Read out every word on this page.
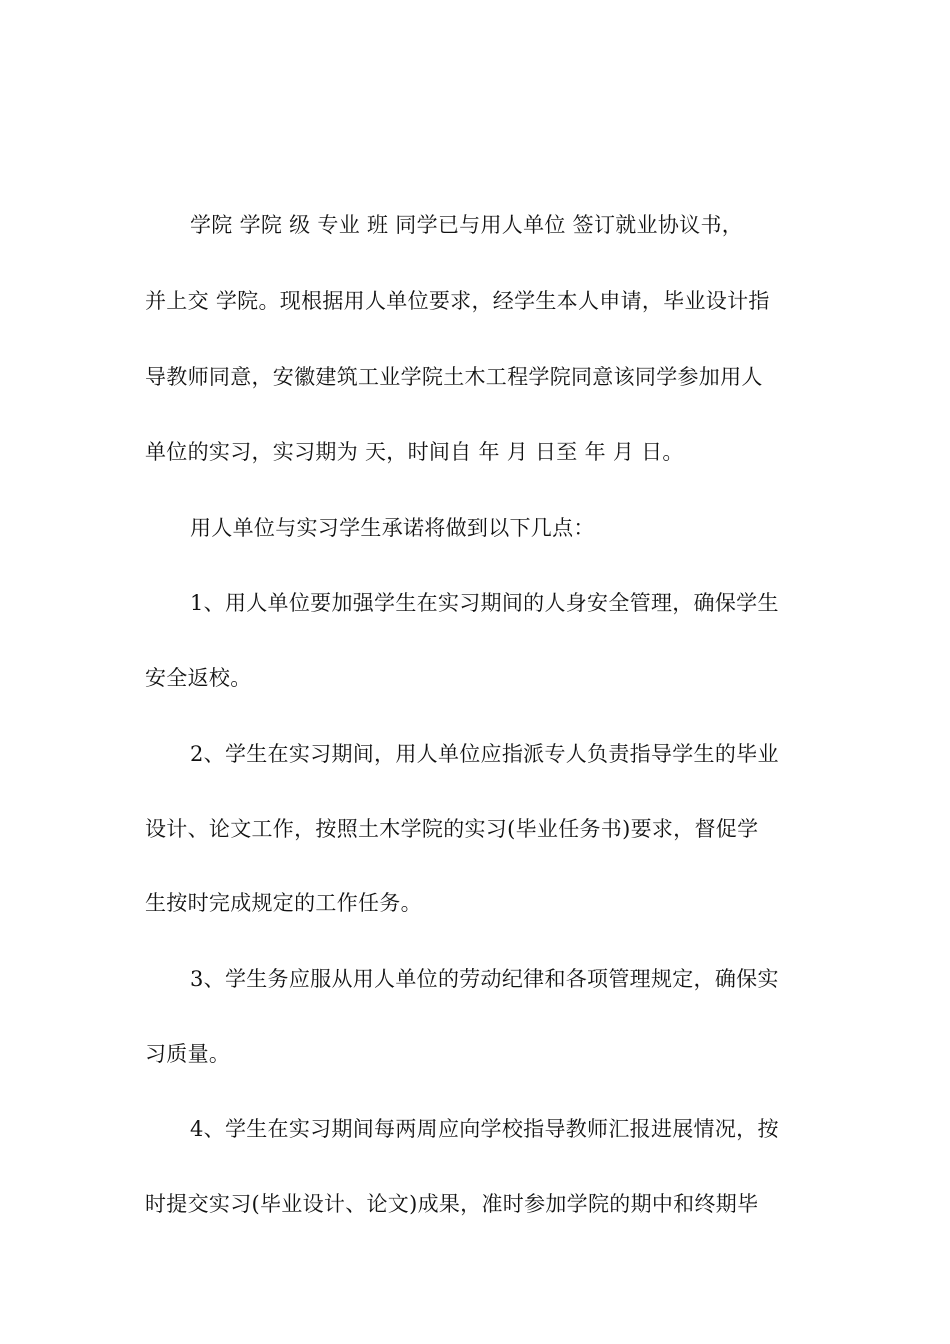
学院 学院 级 专业 班 同学已与用人单位 签订就业协议书，
并上交 学院。现根据用人单位要求，经学生本人申请，毕业设计指
导教师同意，安徽建筑工业学院土木工程学院同意该同学参加用人
单位的实习，实习期为 天，时间自 年 月 日至 年 月 日。
用人单位与实习学生承诺将做到以下几点：
1、用人单位要加强学生在实习期间的人身安全管理，确保学生
安全返校。
2、学生在实习期间，用人单位应指派专人负责指导学生的毕业
设计、论文工作，按照土木学院的实习(毕业任务书)要求，督促学
生按时完成规定的工作任务。
3、学生务应服从用人单位的劳动纪律和各项管理规定，确保实
习质量。
4、学生在实习期间每两周应向学校指导教师汇报进展情况，按
时提交实习(毕业设计、论文)成果，准时参加学院的期中和终期毕
